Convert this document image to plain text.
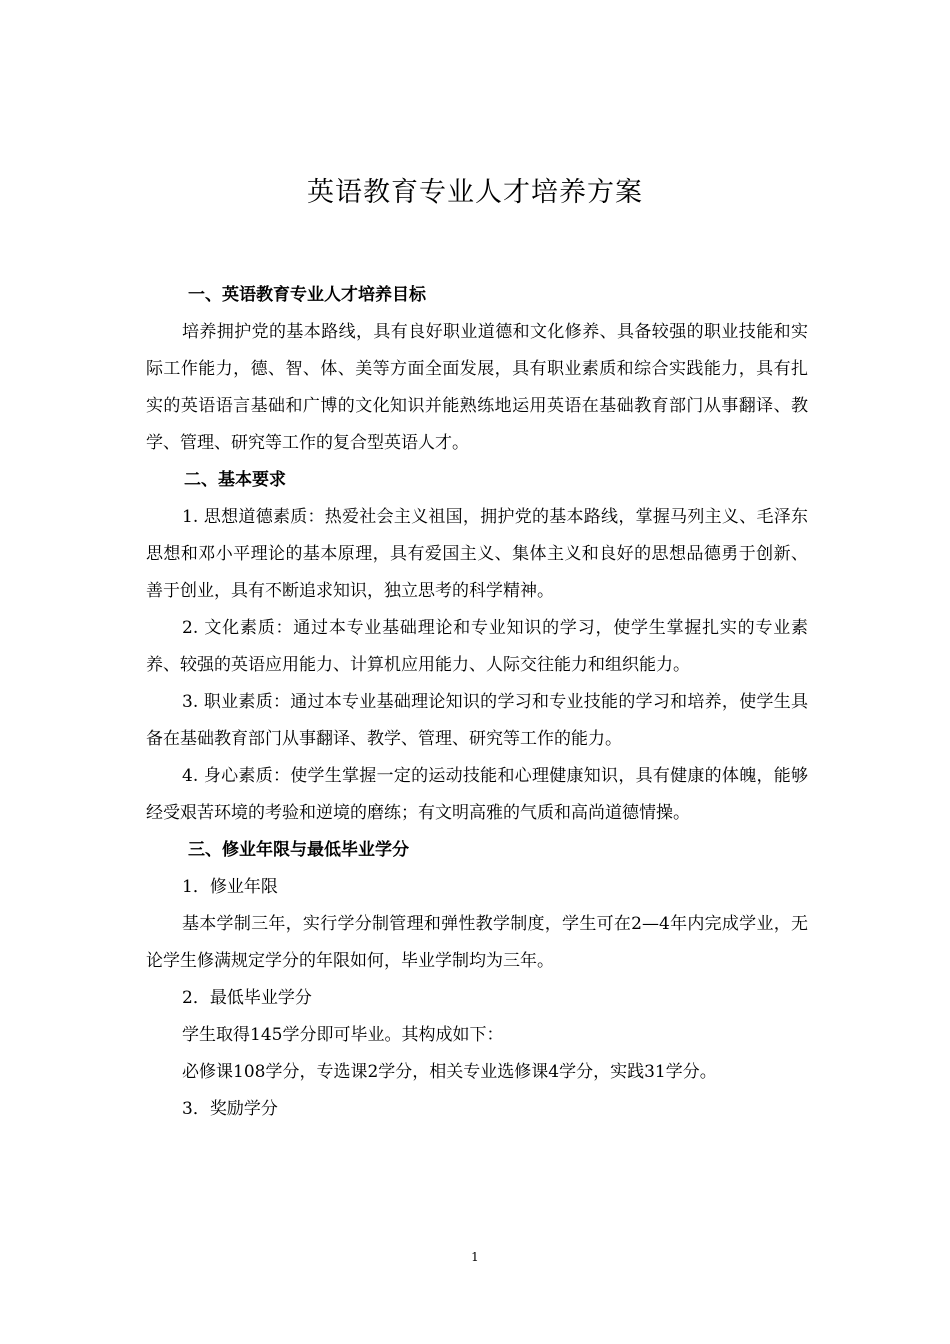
英语教育专业人才培养方案
一、英语教育专业人才培养目标

培养拥护党的基本路线，具有良好职业道德和文化修养、具备较强的职业技能和实际工作能力，德、智、体、美等方面全面发展，具有职业素质和综合实践能力，具有扎实的英语语言基础和广博的文化知识并能熟练地运用英语在基础教育部门从事翻译、教学、管理、研究等工作的复合型英语人才。

二、基本要求

1. 思想道德素质：热爱社会主义祖国，拥护党的基本路线，掌握马列主义、毛泽东思想和邓小平理论的基本原理，具有爱国主义、集体主义和良好的思想品德勇于创新、善于创业，具有不断追求知识，独立思考的科学精神。

2. 文化素质：通过本专业基础理论和专业知识的学习，使学生掌握扎实的专业素养、较强的英语应用能力、计算机应用能力、人际交往能力和组织能力。

3. 职业素质：通过本专业基础理论知识的学习和专业技能的学习和培养，使学生具备在基础教育部门从事翻译、教学、管理、研究等工作的能力。

4. 身心素质：使学生掌握一定的运动技能和心理健康知识，具有健康的体魄，能够经受艰苦环境的考验和逆境的磨练；有文明高雅的气质和高尚道德情操。

三、修业年限与最低毕业学分
1．修业年限

基本学制三年，实行学分制管理和弹性教学制度，学生可在2—4年内完成学业，无论学生修满规定学分的年限如何，毕业学制均为三年。

2．最低毕业学分
学生取得145学分即可毕业。其构成如下：
必修课108学分，专选课2学分，相关专业选修课4学分，实践31学分。
3．奖励学分
1
